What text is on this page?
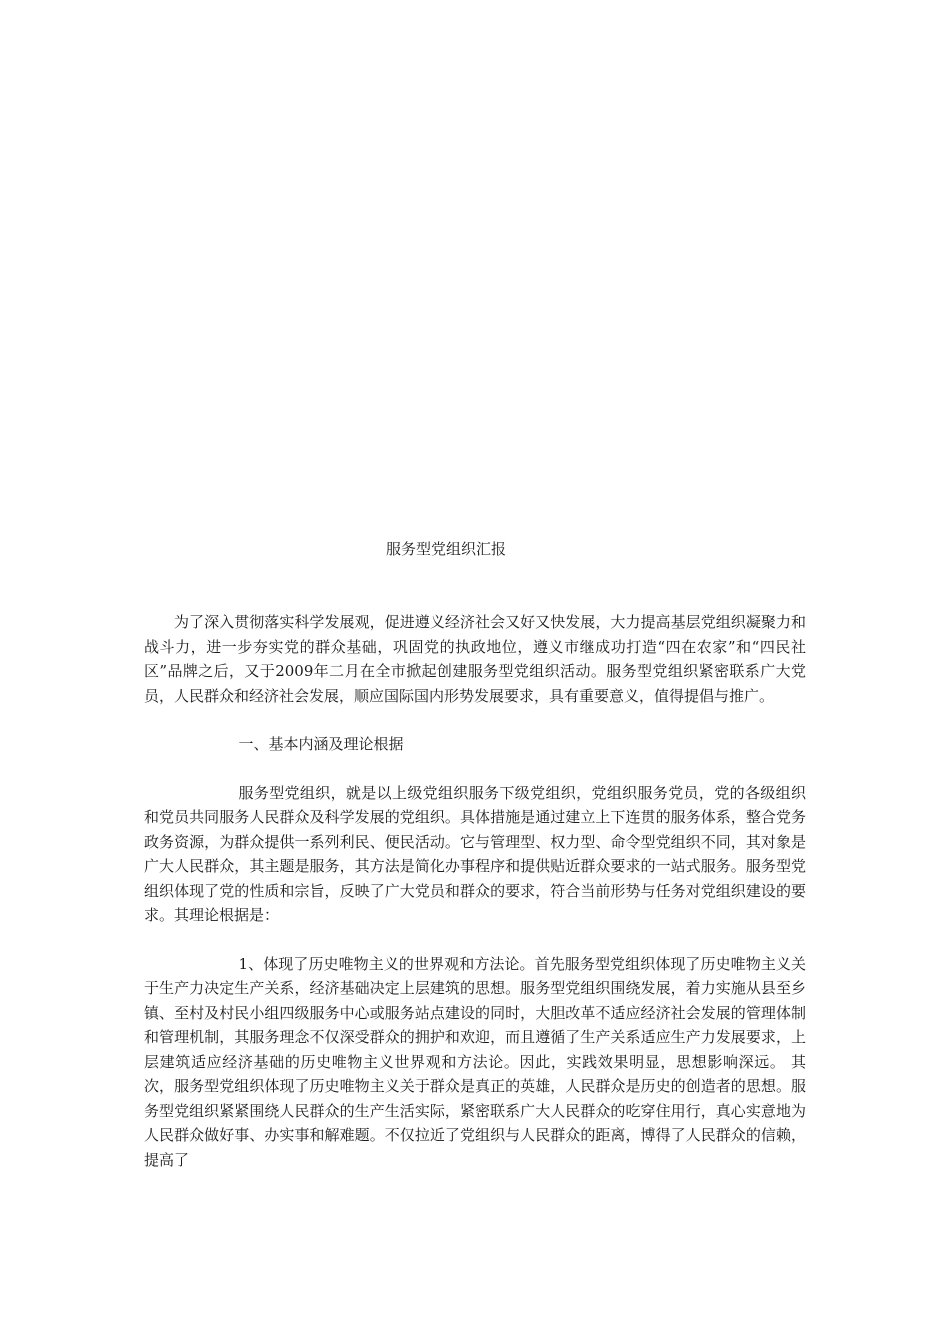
服务型党组织汇报

为了深入贯彻落实科学发展观，促进遵义经济社会又好又快发展，大力提高基层党组织凝聚力和战斗力，进一步夯实党的群众基础，巩固党的执政地位，遵义市继成功打造“四在农家”和“四民社区”品牌之后，又于2009年二月在全市掀起创建服务型党组织活动。服务型党组织紧密联系广大党员，人民群众和经济社会发展，顺应国际国内形势发展要求，具有重要意义，值得提倡与推广。

一、基本内涵及理论根据

服务型党组织，就是以上级党组织服务下级党组织，党组织服务党员，党的各级组织和党员共同服务人民群众及科学发展的党组织。具体措施是通过建立上下连贯的服务体系，整合党务政务资源，为群众提供一系列利民、便民活动。它与管理型、权力型、命令型党组织不同，其对象是广大人民群众，其主题是服务，其方法是简化办事程序和提供贴近群众要求的一站式服务。服务型党组织体现了党的性质和宗旨，反映了广大党员和群众的要求，符合当前形势与任务对党组织建设的要求。其理论根据是：

1、体现了历史唯物主义的世界观和方法论。首先服务型党组织体现了历史唯物主义关于生产力决定生产关系，经济基础决定上层建筑的思想。服务型党组织围绕发展，着力实施从县至乡镇、至村及村民小组四级服务中心或服务站点建设的同时，大胆改革不适应经济社会发展的管理体制和管理机制，其服务理念不仅深受群众的拥护和欢迎，而且遵循了生产关系适应生产力发展要求，上层建筑适应经济基础的历史唯物主义世界观和方法论。因此，实践效果明显，思想影响深远。 其次，服务型党组织体现了历史唯物主义关于群众是真正的英雄，人民群众是历史的创造者的思想。服务型党组织紧紧围绕人民群众的生产生活实际，紧密联系广大人民群众的吃穿住用行，真心实意地为人民群众做好事、办实事和解难题。不仅拉近了党组织与人民群众的距离，博得了人民群众的信赖，提高了
